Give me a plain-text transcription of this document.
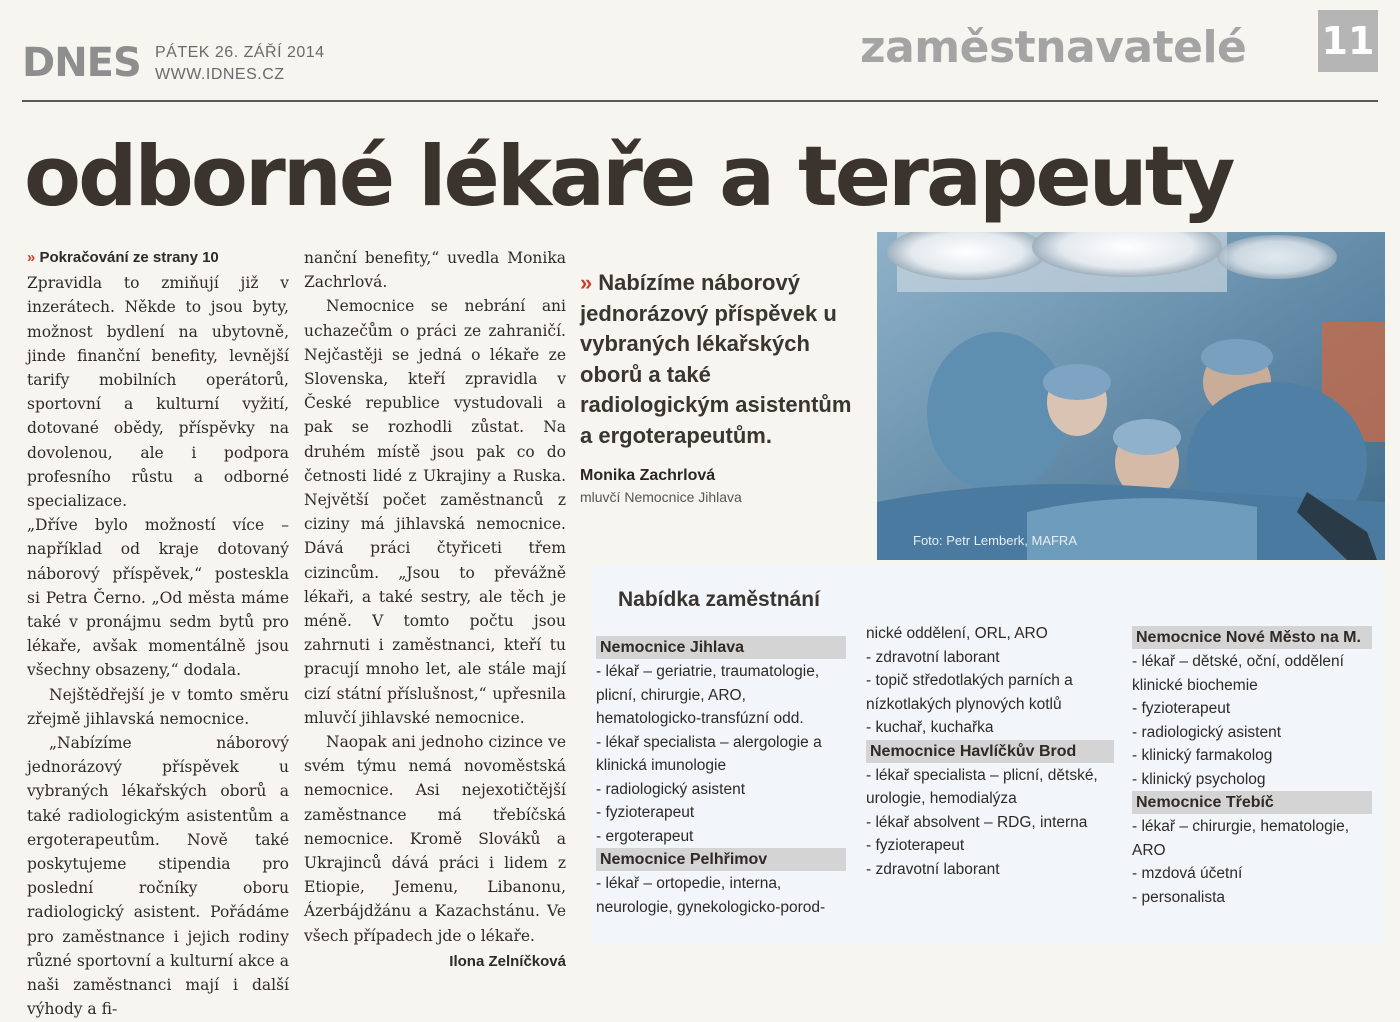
DNES PÁTEK 26. ZÁŘÍ 2014
WWW.IDNES.CZ
zaměstnavatelé 11
odborné lékaře a terapeuty
» Pokračování ze strany 10

Zpravidla to zmiňují již v inzerátech. Někde to jsou byty, možnost bydlení na ubytovně, jinde finanční benefity, levnější tarify mobilních operátorů, sportovní a kulturní vyžití, dotované obědy, příspěvky na dovolenou, ale i podpora profesního růstu a odborné specializace.

„Dříve bylo možností více – například od kraje dotovaný náborový příspěvek,“ posteskla si Petra Černo. „Od města máme také v pronájmu sedm bytů pro lékaře, avšak momentálně jsou všechny obsazeny,“ dodala.

Nejštědřejší je v tomto směru zřejmě jihlavská nemocnice.

„Nabízíme náborový jednorázový příspěvek u vybraných lékařských oborů a také radiologickým asistentům a ergoterapeutům. Nově také poskytujeme stipendia pro poslední ročníky oboru radiologický asistent. Pořádáme pro zaměstnance i jejich rodiny různé sportovní a kulturní akce a naši zaměstnanci mají i další výhody a fi-

nanční benefity,“ uvedla Monika Zachrlová.

Nemocnice se nebrání ani uchazečům o práci ze zahraničí. Nejčastěji se jedná o lékaře ze Slovenska, kteří zpravidla v České republice vystudovali a pak se rozhodli zůstat. Na druhém místě jsou pak co do četnosti lidé z Ukrajiny a Ruska. Největší počet zaměstnanců z ciziny má jihlavská nemocnice. Dává práci čtyřiceti třem cizincům. „Jsou to převážně lékaři, a také sestry, ale těch je méně. V tomto počtu jsou zahrnuti i zaměstnanci, kteří tu pracují mnoho let, ale stále mají cizí státní příslušnost,“ upřesnila mluvčí jihlavské nemocnice.

Naopak ani jednoho cizince ve svém týmu nemá novoměstská nemocnice. Asi nejexotičtější zaměstnance má třebíčská nemocnice. Kromě Slováků a Ukrajinců dává práci i lidem z Etiopie, Jemenu, Libanonu, Ázerbájdžánu a Kazachstánu. Ve všech případech jde o lékaře.

Ilona Zelníčková
» Nabízíme náborový jednorázový příspěvek u vybraných lékařských oborů a také radiologickým asistentům a ergoterapeutům.
Monika Zachrlová
mluvčí Nemocnice Jihlava
Foto: Petr Lemberk, MAFRA
Nabídka zaměstnání
Nemocnice Jihlava
- lékař – geriatrie, traumatologie, plicní, chirurgie, ARO, hematologicko-transfúzní odd.
- lékař specialista – alergologie a klinická imunologie
- radiologický asistent
- fyzioterapeut
- ergoterapeut
Nemocnice Pelhřimov
- lékař – ortopedie, interna, neurologie, gynekologicko-porod-
nické oddělení, ORL, ARO
- zdravotní laborant
- topič středotlakých parních a nízkotlakých plynových kotlů
- kuchař, kuchařka
Nemocnice Havlíčkův Brod
- lékař specialista – plicní, dětské, urologie, hemodialýza
- lékař absolvent – RDG, interna
- fyzioterapeut
- zdravotní laborant
Nemocnice Nové Město na M.
- lékař – dětské, oční, oddělení klinické biochemie
- fyzioterapeut
- radiologický asistent
- klinický farmakolog
- klinický psycholog
Nemocnice Třebíč
- lékař – chirurgie, hematologie, ARO
- mzdová účetní
- personalista
